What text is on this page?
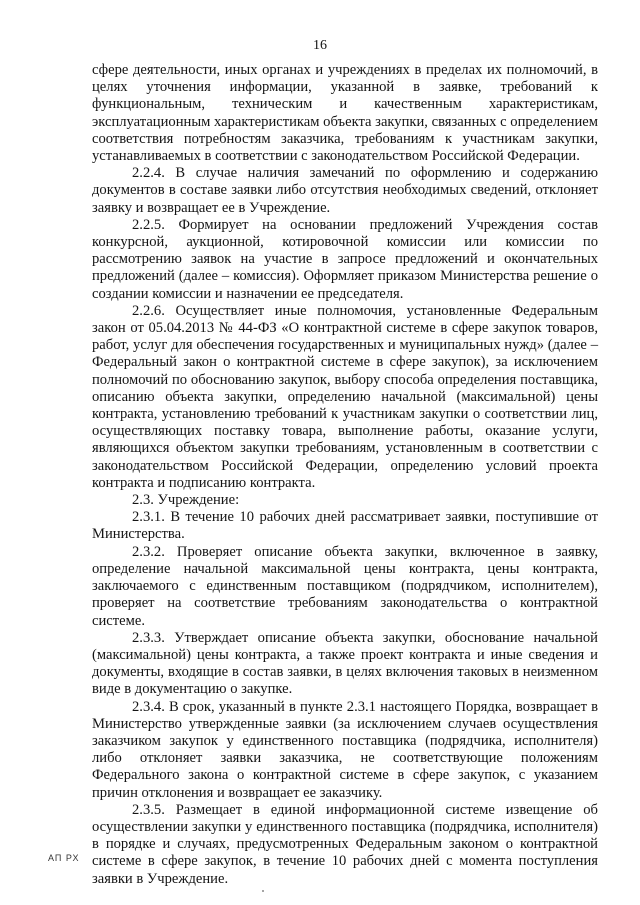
16

сфере деятельности, иных органах и учреждениях в пределах их полномочий, в целях уточнения информации, указанной в заявке, требований к функциональным, техническим и качественным характеристикам, эксплуатационным характеристикам объекта закупки, связанных с определением соответствия потребностям заказчика, требованиям к участникам закупки, устанавливаемых в соответствии с законодательством Российской Федерации.

2.2.4. В случае наличия замечаний по оформлению и содержанию документов в составе заявки либо отсутствия необходимых сведений, отклоняет заявку и возвращает ее в Учреждение.

2.2.5. Формирует на основании предложений Учреждения состав конкурсной, аукционной, котировочной комиссии или комиссии по рассмотрению заявок на участие в запросе предложений и окончательных предложений (далее – комиссия). Оформляет приказом Министерства решение о создании комиссии и назначении ее председателя.

2.2.6. Осуществляет иные полномочия, установленные Федеральным закон от 05.04.2013 № 44-ФЗ «О контрактной системе в сфере закупок товаров, работ, услуг для обеспечения государственных и муниципальных нужд» (далее – Федеральный закон о контрактной системе в сфере закупок), за исключением полномочий по обоснованию закупок, выбору способа определения поставщика, описанию объекта закупки, определению начальной (максимальной) цены контракта, установлению требований к участникам закупки о соответствии лиц, осуществляющих поставку товара, выполнение работы, оказание услуги, являющихся объектом закупки требованиям, установленным в соответствии с законодательством Российской Федерации, определению условий проекта контракта и подписанию контракта.

2.3. Учреждение:

2.3.1. В течение 10 рабочих дней рассматривает заявки, поступившие от Министерства.

2.3.2. Проверяет описание объекта закупки, включенное в заявку, определение начальной максимальной цены контракта, цены контракта, заключаемого с единственным поставщиком (подрядчиком, исполнителем), проверяет на соответствие требованиям законодательства о контрактной системе.

2.3.3. Утверждает описание объекта закупки, обоснование начальной (максимальной) цены контракта, а также проект контракта и иные сведения и документы, входящие в состав заявки, в целях включения таковых в неизменном виде в документацию о закупке.

2.3.4. В срок, указанный в пункте 2.3.1 настоящего Порядка, возвращает в Министерство утвержденные заявки (за исключением случаев осуществления заказчиком закупок у единственного поставщика (подрядчика, исполнителя) либо отклоняет заявки заказчика, не соответствующие положениям Федерального закона о контрактной системе в сфере закупок, с указанием причин отклонения и возвращает ее заказчику.

2.3.5. Размещает в единой информационной системе извещение об осуществлении закупки у единственного поставщика (подрядчика, исполнителя) в порядке и случаях, предусмотренных Федеральным законом о контрактной системе в сфере закупок, в течение 10 рабочих дней с момента поступления заявки в Учреждение.

АП РХ
